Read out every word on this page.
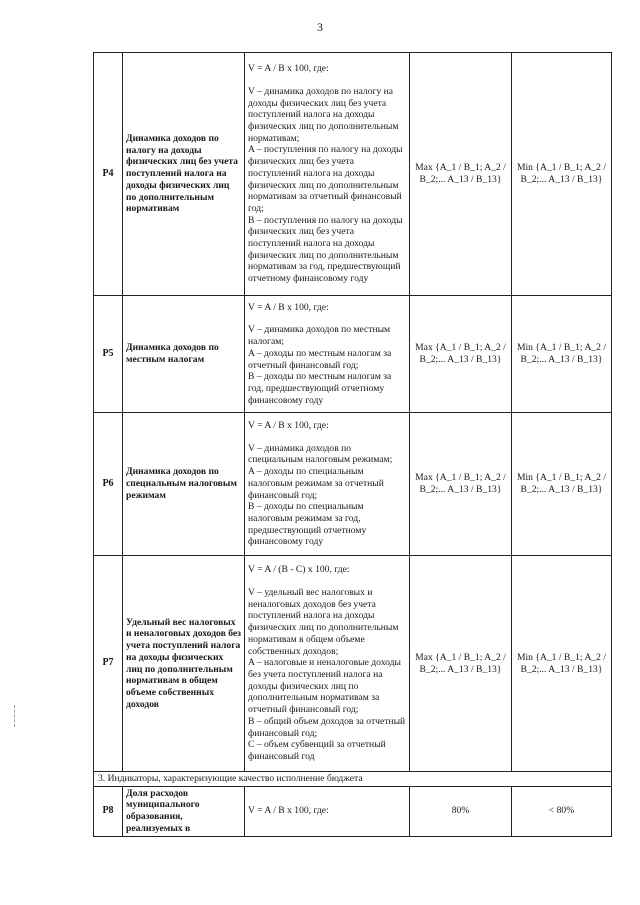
3
P4	Динамика доходов по налогу на доходы физических лиц без учета поступлений налога на доходы физических лиц по дополнительным нормативам	V = A / B x 100, где:
V – динамика доходов по налогу на доходы физических лиц без учета поступлений налога на доходы физических лиц по дополнительным нормативам;
A – поступления по налогу на доходы физических лиц без учета поступлений налога на доходы физических лиц по дополнительным нормативам за отчетный финансовый год;
B – поступления по налогу на доходы физических лиц без учета поступлений налога на доходы физических лиц по дополнительным нормативам за год, предшествующий отчетному финансовому году	Max {A_1 / B_1; A_2 / B_2;... A_13 / B_13}	Min {A_1 / B_1; A_2 / B_2;... A_13 / B_13}
P5	Динамика доходов по местным налогам	V = A / B x 100, где:
V – динамика доходов по местным налогам;
A – доходы по местным налогам за отчетный финансовый год;
B – доходы по местным налогам за год, предшествующий отчетному финансовому году	Max {A_1 / B_1; A_2 / B_2;... A_13 / B_13}	Min {A_1 / B_1; A_2 / B_2;... A_13 / B_13}
P6	Динамика доходов по специальным налоговым режимам	V = A / B x 100, где:
V – динамика доходов по специальным налоговым режимам;
A – доходы по специальным налоговым режимам за отчетный финансовый год;
B – доходы по специальным налоговым режимам за год, предшествующий отчетному финансовому году	Max {A_1 / B_1; A_2 / B_2;... A_13 / B_13}	Min {A_1 / B_1; A_2 / B_2;... A_13 / B_13}
P7	Удельный вес налоговых и неналоговых доходов без учета поступлений налога на доходы физических лиц по дополнительным нормативам в общем объеме собственных доходов	V = A / (B - C) x 100, где:
V – удельный вес налоговых и неналоговых доходов без учета поступлений налога на доходы физических лиц по дополнительным нормативам в общем объеме собственных доходов;
A – налоговые и неналоговые доходы без учета поступлений налога на доходы физических лиц по дополнительным нормативам за отчетный финансовый год;
B – общий объем доходов за отчетный финансовый год;
C – объем субвенций за отчетный финансовый год	Max {A_1 / B_1; A_2 / B_2;... A_13 / B_13}	Min {A_1 / B_1; A_2 / B_2;... A_13 / B_13}
3. Индикаторы, характеризующие качество исполнение бюджета				
P8	Доля расходов муниципального образования, реализуемых в	V = A / B x 100, где:	80%	< 80%
